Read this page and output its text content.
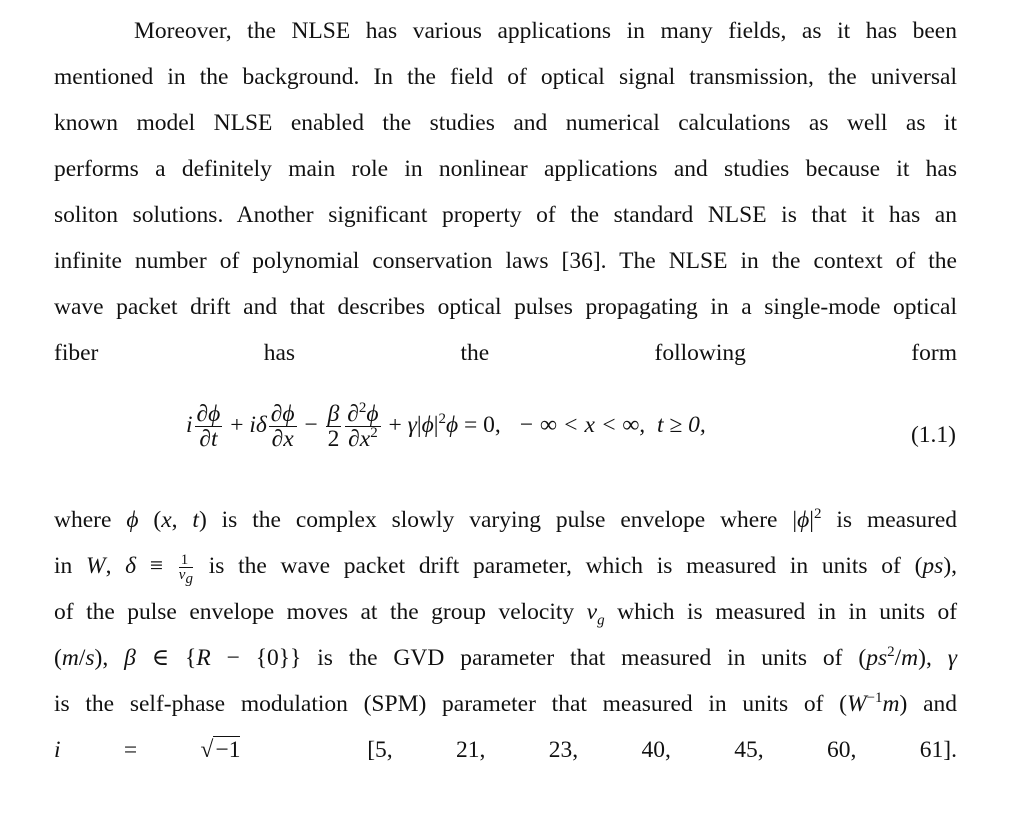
Moreover, the NLSE has various applications in many fields, as it has been
mentioned in the background. In the field of optical signal transmission, the universal
known model NLSE enabled the studies and numerical calculations as well as it
performs a definitely main role in nonlinear applications and studies because it has
soliton solutions. Another significant property of the standard NLSE is that it has an
infinite number of polynomial conservation laws [36]. The NLSE in the context of the
wave packet drift and that describes optical pulses propagating in a single-mode optical
fiber has the following form
i $\frac{\partial\phi}{\partial t} + i\delta \frac{\partial\phi}{\partial x} - \frac{\beta}{2} \frac{\partial^2\phi}{\partial x^2} + \gamma|\phi|^2\phi = 0$, − ∞ < x < ∞, t ≥ 0,	(1.1)
where ϕ (x, t) is the complex slowly varying pulse envelope where $|\phi|^2$ is measured
in W, $\delta \equiv \frac{1}{v_g}$ is the wave packet drift parameter, which is measured in units of (ps),
of the pulse envelope moves at the group velocity $v_g$ which is measured in in units of
(m/s), β ∈ {R − {0}} is the GVD parameter that measured in units of $(ps^2/m)$, γ
is the self-phase modulation (SPM) parameter that measured in units of $(W^{-1}m)$ and
i = √−1	[5, 21, 23, 40, 45, 60, 61].
